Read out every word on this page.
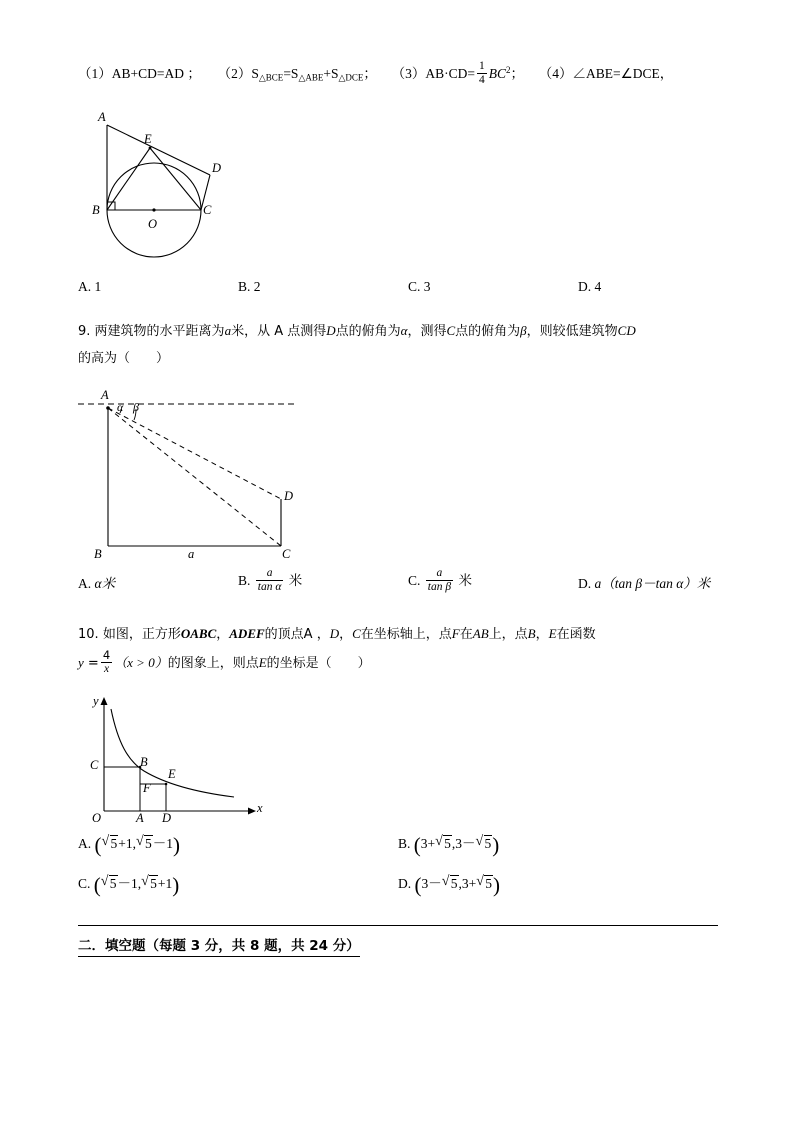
（1）AB+CD=AD ； $(2)S_{\triangle BCE}=S_{\triangle ABE}+S_{\triangle DCE}$； $(3)AB\cdot CD= \frac{1}{4} BC^2$； （4）∠ABE=∠DCE，
A
E
D
B	C
O
A. 1	B. 2	C. 3	D. 4
9. 两建筑物的水平距离为a米，从 A 点测得D点的俯角为α，测得C点的俯角为β，则较低建筑物CD
的高为（　　）
A
α β
D
B	a	C
A. α米	B. $\frac{a}{\text{tan α}}$ 米	C. $\frac{a}{\text{tan β}}$ 米	D. a（tan β－tan α）米
10. 如图，正方形OABC，ADEF的顶点A ，D，C在坐标轴上，点F在AB上，点B，E在函数
$y = \frac{4}{x} (x > 0)$的图象上，则点E的坐标是（　　）
y
C	B
E
F
O	A D
x
A. ( √ 5+1, √ 5－1)	B. (3+ √ 5,3－ √ 5)
C. ( √ 5－1, √ 5+1)	D. (3－ √ 5,3+ √ 5)
二．填空题（每题 3 分，共 8 题，共 24 分）
